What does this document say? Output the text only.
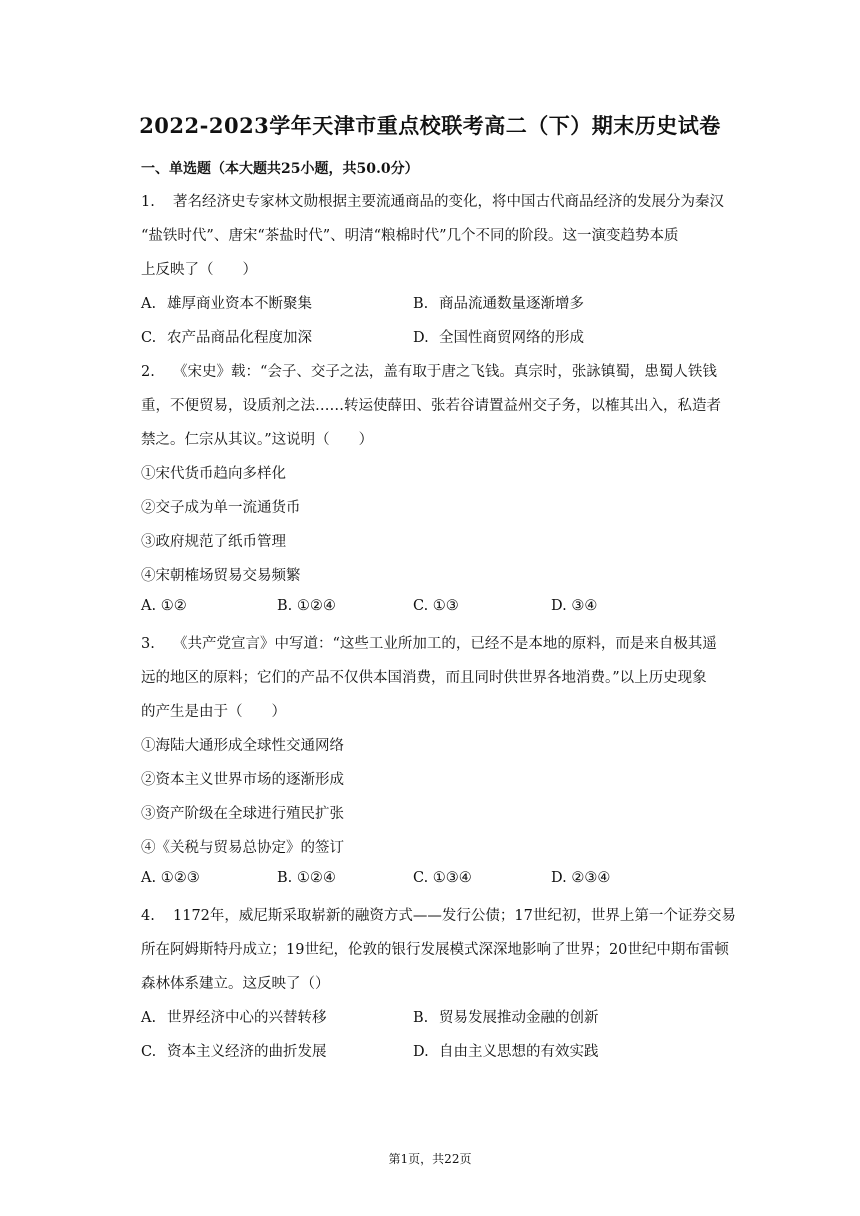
2022-2023学年天津市重点校联考高二（下）期末历史试卷
一、单选题（本大题共25小题，共50.0分）
1. 著名经济史专家林文勋根据主要流通商品的变化，将中国古代商品经济的发展分为秦汉
“盐铁时代”、唐宋“茶盐时代”、明清“粮棉时代”几个不同的阶段。这一演变趋势本质
上反映了（　　）
A. 雄厚商业资本不断聚集	B. 商品流通数量逐渐增多
C. 农产品商品化程度加深	D. 全国性商贸网络的形成
2. 《宋史》载：“会子、交子之法，盖有取于唐之飞钱。真宗时，张詠镇蜀，患蜀人铁钱
重，不便贸易，设质剂之法……转运使薛田、张若谷请置益州交子务，以榷其出入，私造者
禁之。仁宗从其议。”这说明（　　）
①宋代货币趋向多样化
②交子成为单一流通货币
③政府规范了纸币管理
④宋朝榷场贸易交易频繁
A. ①②	B. ①②④	C. ①③	D. ③④
3. 《共产党宣言》中写道：“这些工业所加工的，已经不是本地的原料，而是来自极其遥
远的地区的原料；它们的产品不仅供本国消费，而且同时供世界各地消费。”以上历史现象
的产生是由于（　　）
①海陆大通形成全球性交通网络
②资本主义世界市场的逐渐形成
③资产阶级在全球进行殖民扩张
④《关税与贸易总协定》的签订
A. ①②③	B. ①②④	C. ①③④	D. ②③④
4. 1172年，威尼斯采取崭新的融资方式——发行公债；17世纪初，世界上第一个证券交易
所在阿姆斯特丹成立；19世纪，伦敦的银行发展模式深深地影响了世界；20世纪中期布雷顿
森林体系建立。这反映了（）
A. 世界经济中心的兴替转移	B. 贸易发展推动金融的创新
C. 资本主义经济的曲折发展	D. 自由主义思想的有效实践
第1页，共22页
